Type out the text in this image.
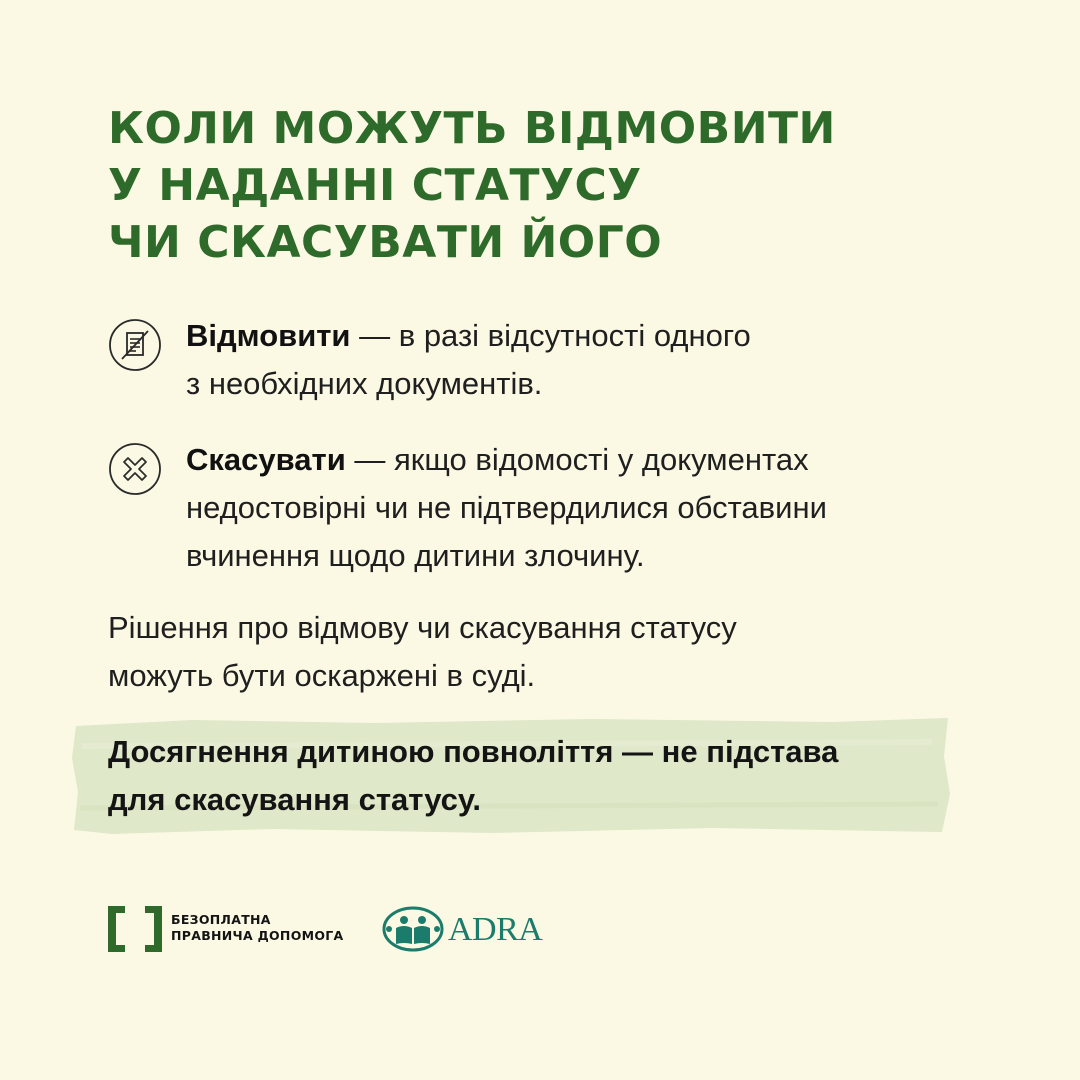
КОЛИ МОЖУТЬ ВІДМОВИТИ
У НАДАННІ СТАТУСУ
ЧИ СКАСУВАТИ ЙОГО
Відмовити — в разі відсутності одного
з необхідних документів.
Скасувати — якщо відомості у документах
недостовірні чи не підтвердилися обставини
вчинення щодо дитини злочину.
Рішення про відмову чи скасування статусу
можуть бути оскаржені в суді.
Досягнення дитиною повноліття — не підстава
для скасування статусу.
БЕЗОПЛАТНА
ПРАВНИЧА ДОПОМОГА	ADRA
